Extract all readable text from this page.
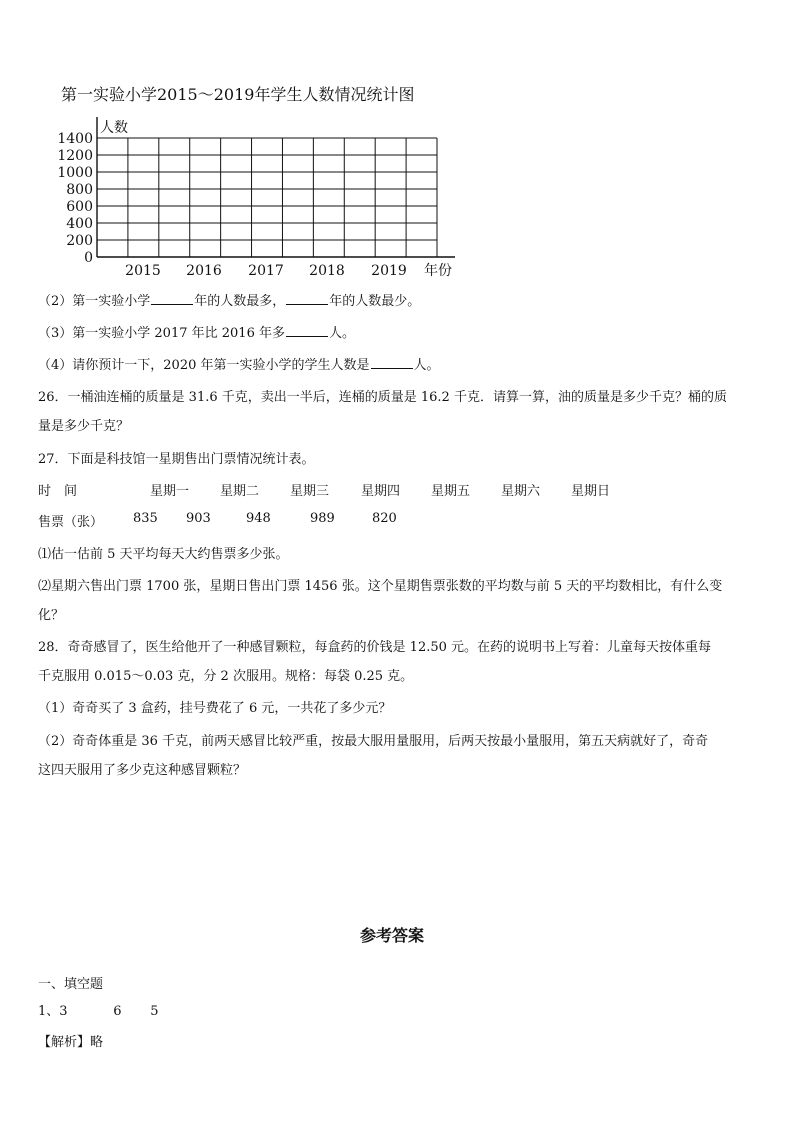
第一实验小学2015～2019年学生人数情况统计图
0
200
400
600
800
1000
1200
1400
人数
2015 2016 2017 2018 2019 年份
（2）第一实验小学	年的人数最多，	年的人数最少。
（3）第一实验小学 2017 年比 2016 年多	人。
（4）请你预计一下，2020 年第一实验小学的学生人数是	人。
26．一桶油连桶的质量是 31.6 千克，卖出一半后，连桶的质量是 16.2 千克．请算一算，油的质量是多少千克？桶的质
量是多少千克？
27．下面是科技馆一星期售出门票情况统计表。
时　间	星期一 星期二 星期三 星期四 星期五 星期六 星期日
售票（张） 835 903	948	989	820
⑴估一估前 5 天平均每天大约售票多少张。
⑵星期六售出门票 1700 张，星期日售出门票 1456 张。这个星期售票张数的平均数与前 5 天的平均数相比，有什么变
化？
28．奇奇感冒了，医生给他开了一种感冒颗粒，每盒药的价钱是 12.50 元。在药的说明书上写着：儿童每天按体重每
千克服用 0.015～0.03 克，分 2 次服用。规格：每袋 0.25 克。
（1）奇奇买了 3 盒药，挂号费花了 6 元，一共花了多少元？
（2）奇奇体重是 36 千克，前两天感冒比较严重，按最大服用量服用，后两天按最小量服用，第五天病就好了，奇奇
这四天服用了多少克这种感冒颗粒？
参考答案
一、填空题
1、3	6 5
【解析】略
